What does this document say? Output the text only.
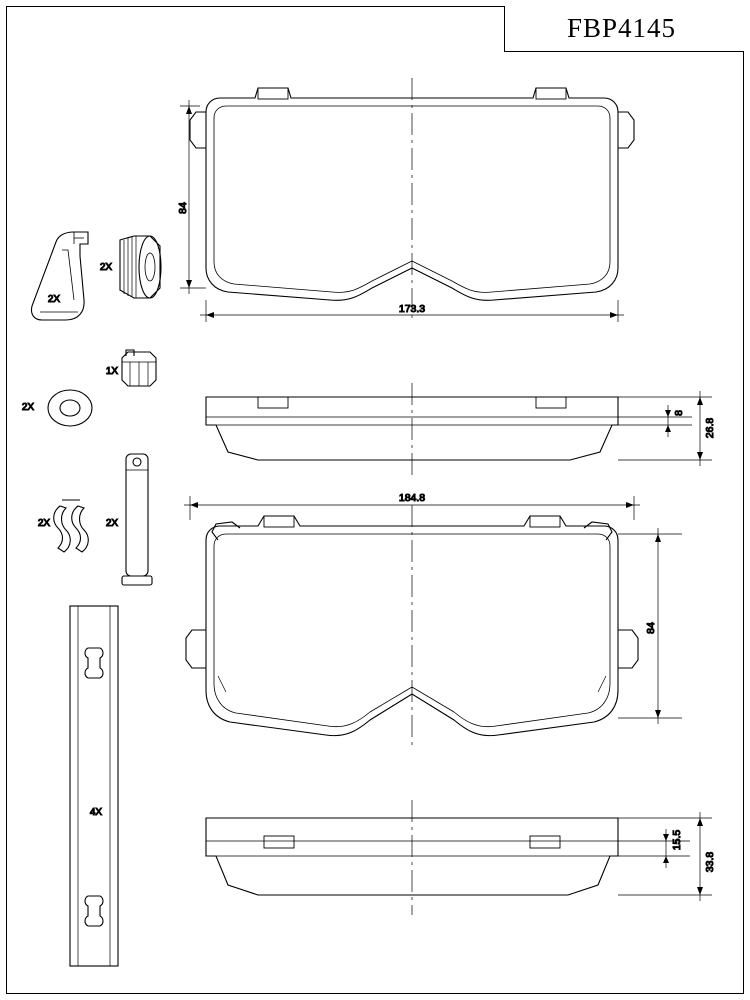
FBP4145
173.3
84
8
26.8
184.8
84
15.5
33.8
2X
2X
1X
2X
2X	2X
4X
